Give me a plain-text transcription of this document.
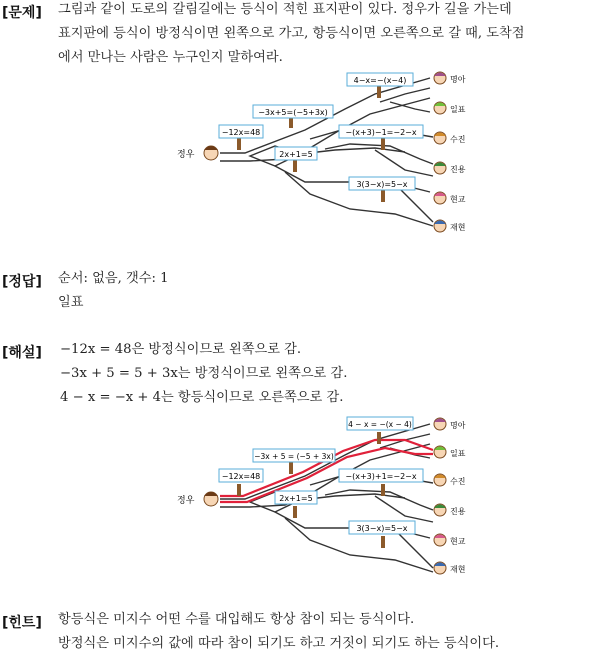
[문제] 그림과 같이 도로의 갈림길에는 등식이 적힌 표지판이 있다. 정우가 길을 가는데
표지판에 등식이 방정식이면 왼쪽으로 가고, 항등식이면 오른쪽으로 갈 때, 도착점
에서 만나는 사람은 누구인지 말하여라.
4−x=−(x−4)
−3x+5=(−5+3x)
−12x=48	−(x+3)−1=−2−x
2x+1=5
3(3−x)=5−x
정우
명아
일표
수진
진용
현교
재현
[정답] 순서: 없음, 갯수: 1
일표
[해설] −12x = 48은 방정식이므로 왼쪽으로 감.
−3x + 5 = 5 + 3x는 방정식이므로 왼쪽으로 감.
4 − x = −x + 4는 항등식이므로 오른쪽으로 감.
4 − x = −(x − 4)
−3x + 5 = (−5 + 3x)
−12x=48	−(x+3)+1=−2−x
2x+1=5
3(3−x)=5−x
정우
명아
일표
수진
진용
현교
재현
[힌트] 항등식은 미지수 어떤 수를 대입해도 항상 참이 되는 등식이다.
방정식은 미지수의 값에 따라 참이 되기도 하고 거짓이 되기도 하는 등식이다.
